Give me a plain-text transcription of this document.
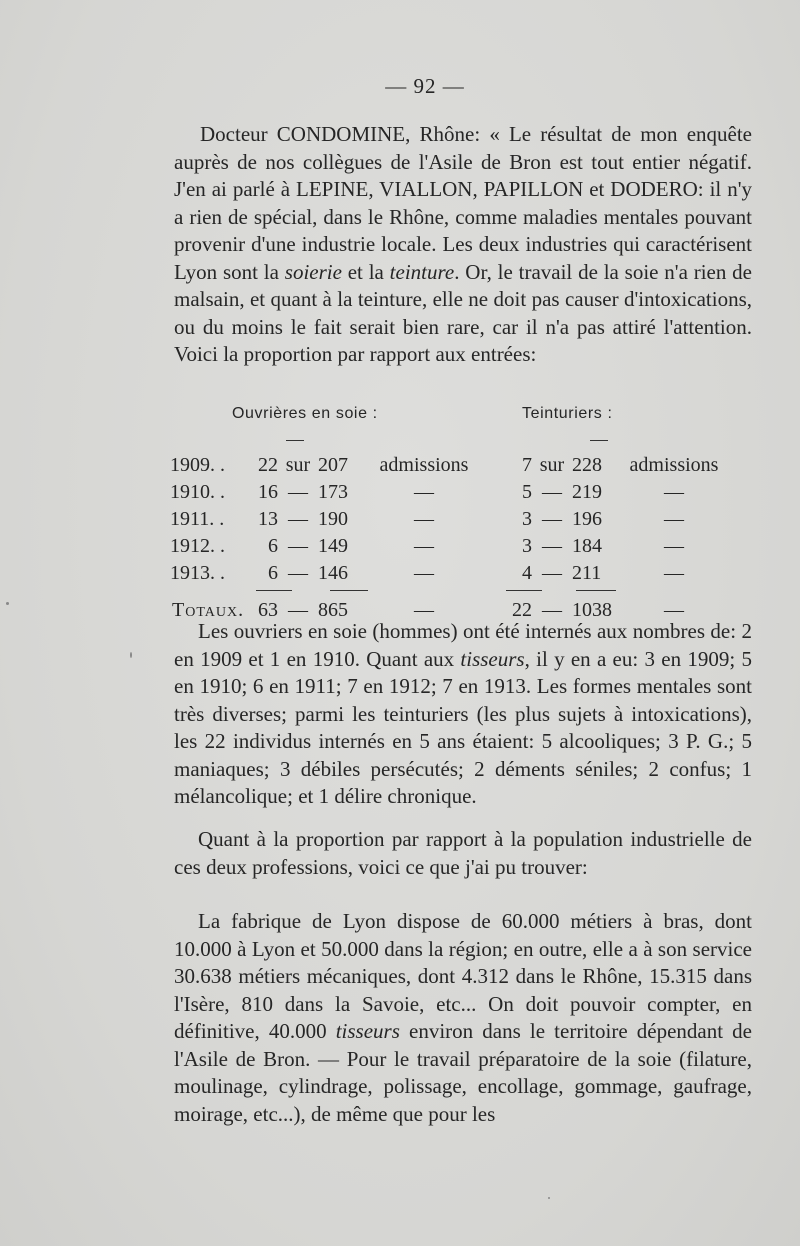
— 92 —

Docteur CONDOMINE, Rhône: « Le résultat de mon enquête auprès de nos collègues de l'Asile de Bron est tout entier négatif. J'en ai parlé à LEPINE, VIALLON, PAPILLON et DODERO: il n'y a rien de spécial, dans le Rhône, comme maladies mentales pouvant provenir d'une industrie locale. Les deux industries qui caractérisent Lyon sont la soierie et la teinture. Or, le travail de la soie n'a rien de malsain, et quant à la teinture, elle ne doit pas causer d'intoxications, ou du moins le fait serait bien rare, car il n'a pas attiré l'attention. Voici la proportion par rapport aux entrées:

Ouvrières en soie :	Teinturiers :
1909. .	22	sur	207	admissions	7	sur	228	admissions
1910. .	16	—	173	—	5	—	219	—
1911. .	13	—	190	—	3	—	196	—
1912. .	6	—	149	—	3	—	184	—
1913. .	6	—	146	—	4	—	211	—

Totaux.	63	—	865	—	22	—	1038	—

Les ouvriers en soie (hommes) ont été internés aux nombres de: 2 en 1909 et 1 en 1910. Quant aux tisseurs, il y en a eu: 3 en 1909; 5 en 1910; 6 en 1911; 7 en 1912; 7 en 1913. Les formes mentales sont très diverses; parmi les teinturiers (les plus sujets à intoxications), les 22 individus internés en 5 ans étaient: 5 alcooliques; 3 P. G.; 5 maniaques; 3 débiles persécutés; 2 déments séniles; 2 confus; 1 mélancolique; et 1 délire chronique.

Quant à la proportion par rapport à la population industrielle de ces deux professions, voici ce que j'ai pu trouver:

La fabrique de Lyon dispose de 60.000 métiers à bras, dont 10.000 à Lyon et 50.000 dans la région; en outre, elle a à son service 30.638 métiers mécaniques, dont 4.312 dans le Rhône, 15.315 dans l'Isère, 810 dans la Savoie, etc... On doit pouvoir compter, en définitive, 40.000 tisseurs environ dans le territoire dépendant de l'Asile de Bron. — Pour le travail préparatoire de la soie (filature, moulinage, cylindrage, polissage, encollage, gommage, gaufrage, moirage, etc...), de même que pour les
